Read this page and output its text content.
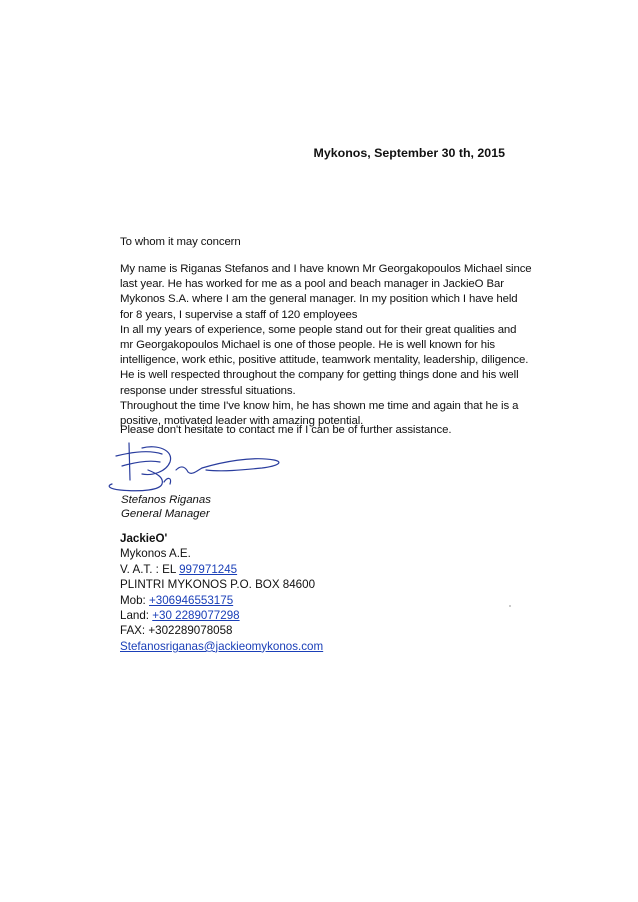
Mykonos, September 30 th, 2015
To whom it may concern

My name is Riganas Stefanos and I have known Mr Georgakopoulos Michael since last year. He has worked for me as a pool and beach manager in JackieO Bar Mykonos S.A. where I am the general manager. In my position which I have held for 8 years, I supervise a staff of 120 employees

In all my years of experience, some people stand out for their great qualities and mr Georgakopoulos Michael is one of those people. He is well known for his intelligence, work ethic, positive attitude, teamwork mentality, leadership, diligence. He is well respected throughout the company for getting things done and his well response under stressful situations.

Throughout the time I've know him, he has shown me time and again that he is a positive, motivated leader with amazing potential.

Please don't hesitate to contact me if I can be of further assistance.
Stefanos Riganas
General Manager
JackieO'
Mykonos A.E.
V. A.T. : EL 997971245
PLINTRI MYKONOS P.O. BOX 84600
Mob: +306946553175
Land: +30 2289077298
FAX: +302289078058
Stefanosriganas@jackieomykonos.com
